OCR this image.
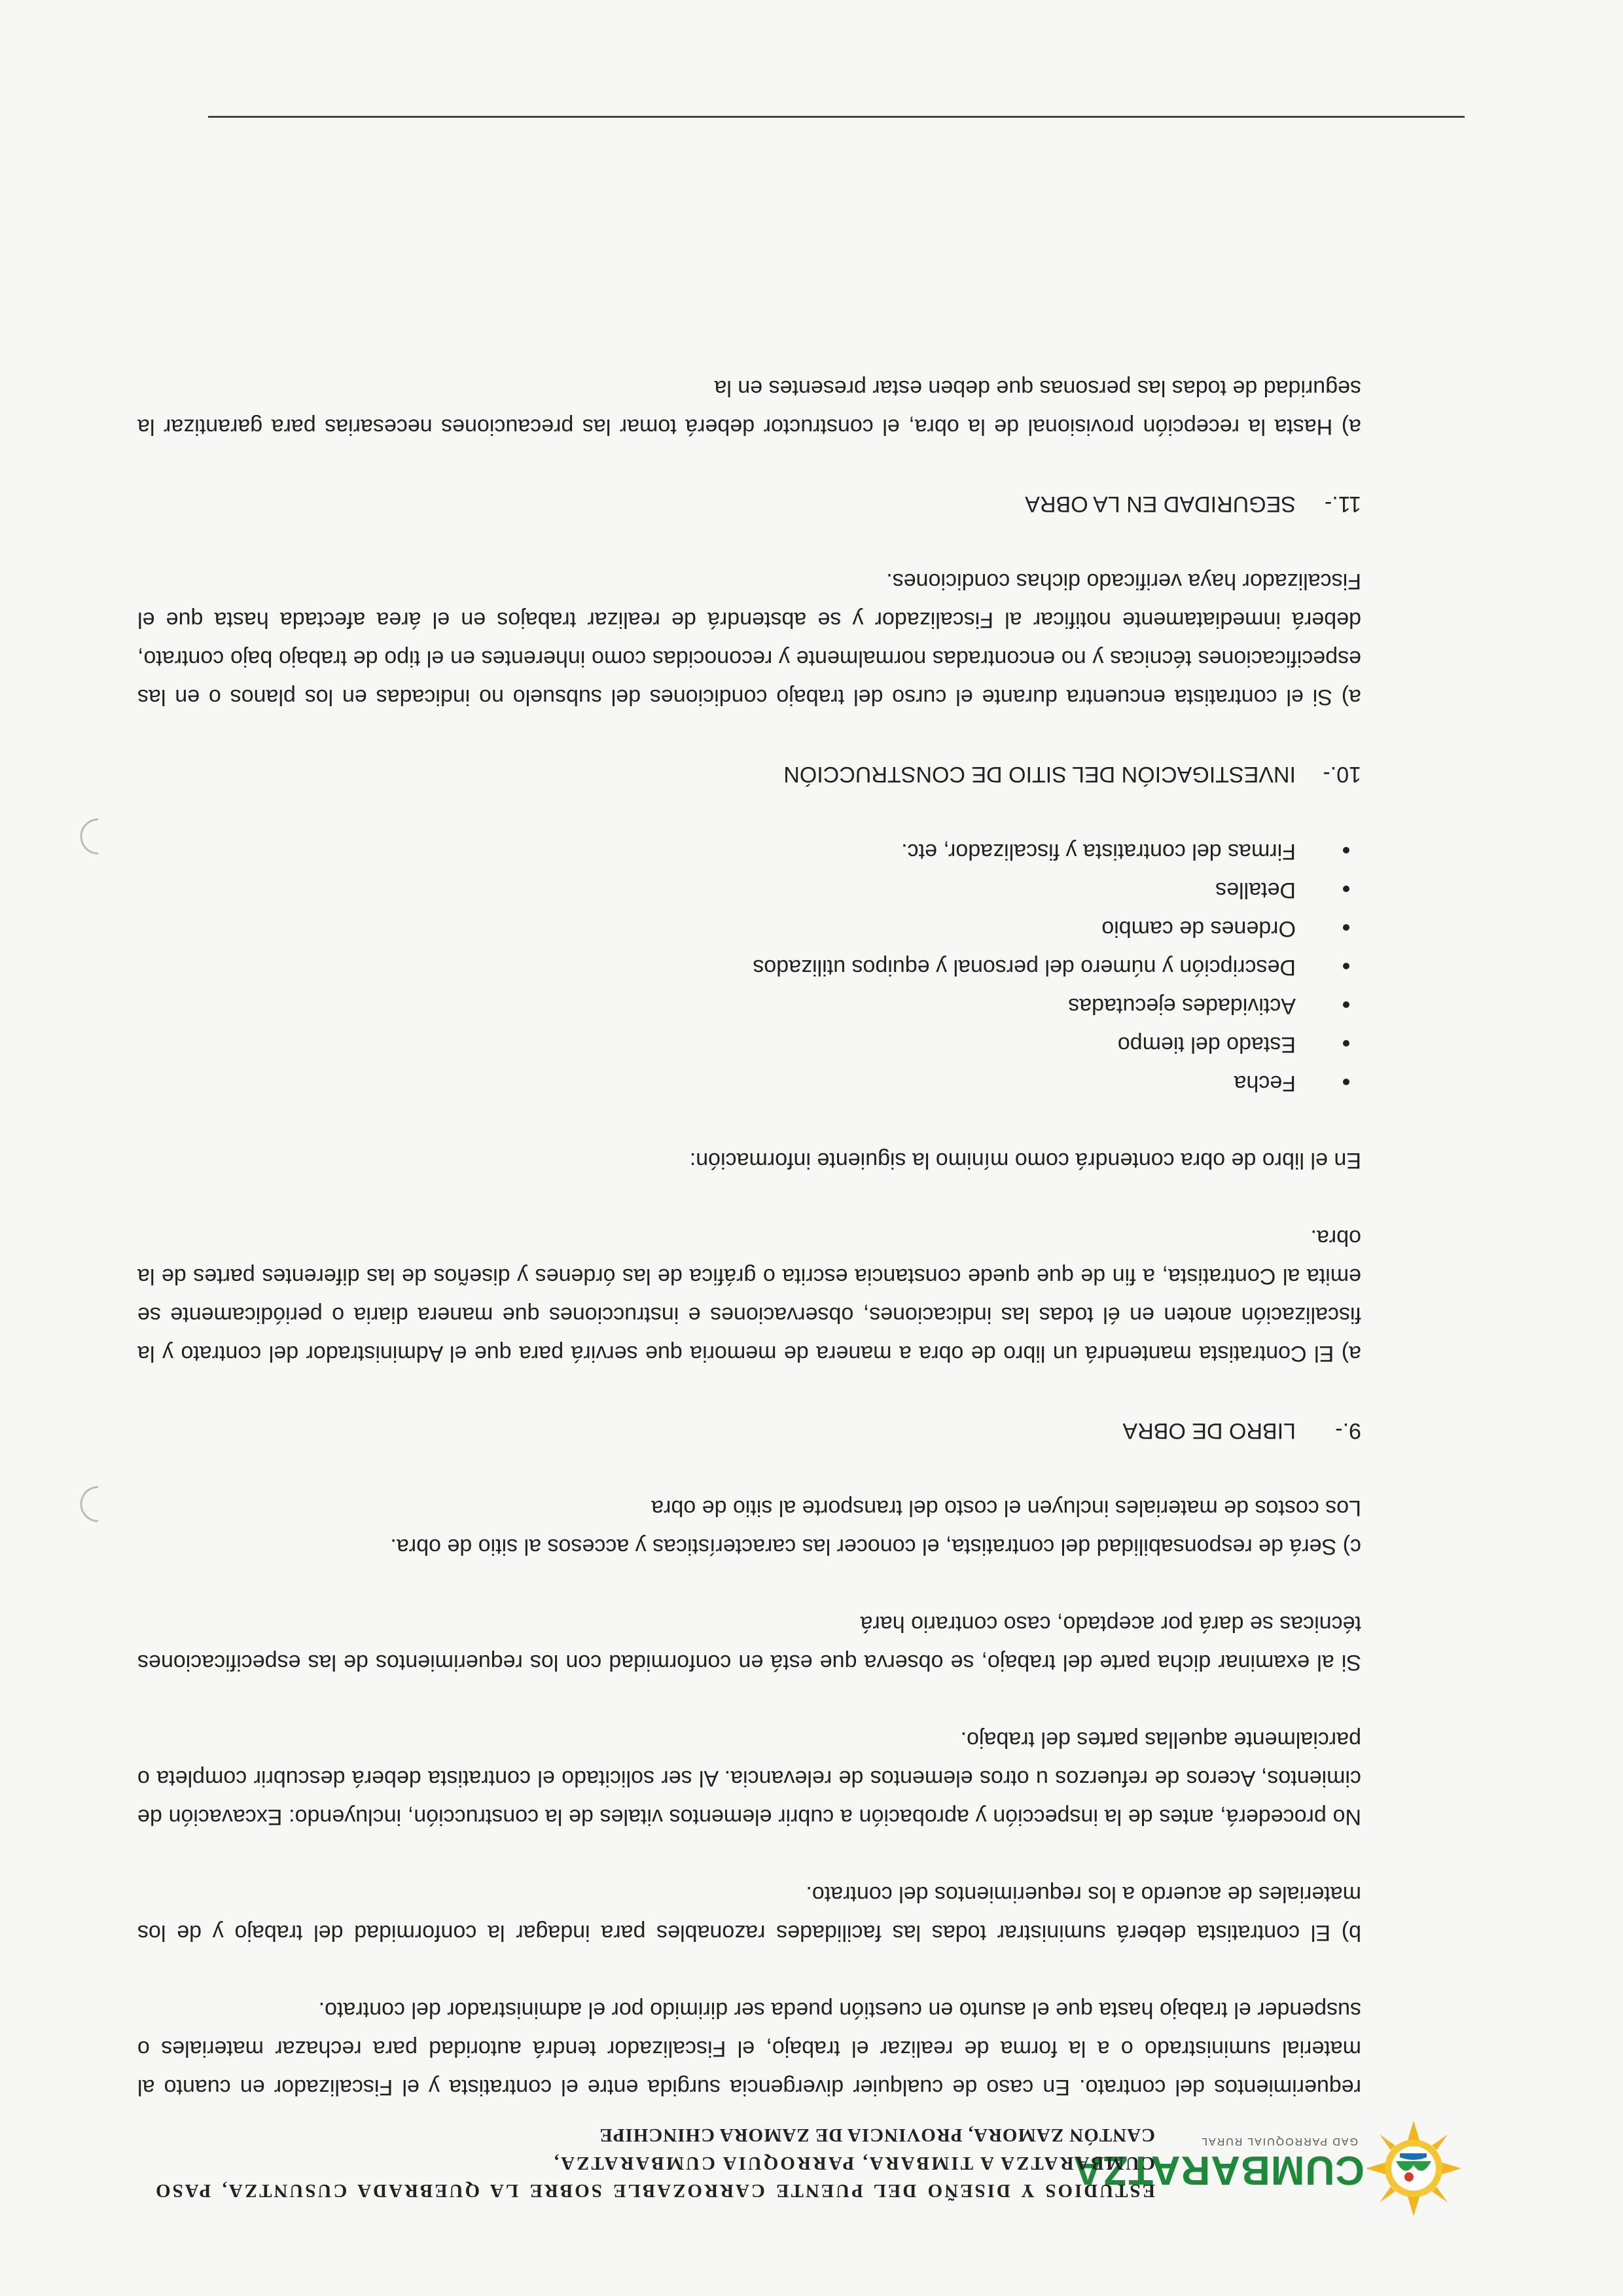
CUMBARATZA
GAD PARROQUIAL RURAL
ESTUDIOS Y DISEÑO DEL PUENTE CARROZABLE SOBRE LA QUEBRADA CUSUNTZA, PASO CUMBARATZA A TIMBARA, PARROQUIA CUMBARATZA,
CANTÓN ZAMORA, PROVINCIA DE ZAMORA CHINCHIPE

requerimientos del contrato. En caso de cualquier divergencia surgida entre el contratista y el Fiscalizador en cuanto al material suministrado o a la forma de realizar el trabajo, el Fiscalizador tendrá autoridad para rechazar materiales o suspender el trabajo hasta que el asunto en cuestión pueda ser dirimido por el administrador del contrato.

b) El contratista deberá suministrar todas las facilidades razonables para indagar la conformidad del trabajo y de los materiales de acuerdo a los requerimientos del contrato.

No procederá, antes de la inspección y aprobación a cubrir elementos vitales de la construcción, incluyendo: Excavación de cimientos, Aceros de refuerzos u otros elementos de relevancia. Al ser solicitado el contratista deberá descubrir completa o parcialmente aquellas partes del trabajo.

Si al examinar dicha parte del trabajo, se observa que está en conformidad con los requerimientos de las especificaciones técnicas se dará por aceptado, caso contrario hará

c) Será de responsabilidad del contratista, el conocer las características y accesos al sitio de obra.

Los costos de materiales incluyen el costo del transporte al sitio de obra

9.-LIBRO DE OBRA

a) El Contratista mantendrá un libro de obra a manera de memoria que servirá para que el Administrador del contrato y la fiscalización anoten en él todas las indicaciones, observaciones e instrucciones que manera diaria o periódicamente se emita al Contratista, a fin de que quede constancia escrita o gráfica de las órdenes y diseños de las diferentes partes de la obra.

En el libro de obra contendrá como mínimo la siguiente información:

Fecha
Estado del tiempo
Actividades ejecutadas
Descripción y número del personal y equipos utilizados
Ordenes de cambio
Detalles
Firmas del contratista y fiscalizador, etc.

10.-INVESTIGACIÓN DEL SITIO DE CONSTRUCCIÓN

a) Si el contratista encuentra durante el curso del trabajo condiciones del subsuelo no indicadas en los planos o en las especificaciones técnicas y no encontradas normalmente y reconocidas como inherentes en el tipo de trabajo bajo contrato, deberá inmediatamente notificar al Fiscalizador y se abstendrá de realizar trabajos en el área afectada hasta que el Fiscalizador haya verificado dichas condiciones.

11.-SEGURIDAD EN LA OBRA

a) Hasta la recepción provisional de la obra, el constructor deberá tomar las precauciones necesarias para garantizar la seguridad de todas las personas que deben estar presentes en la
